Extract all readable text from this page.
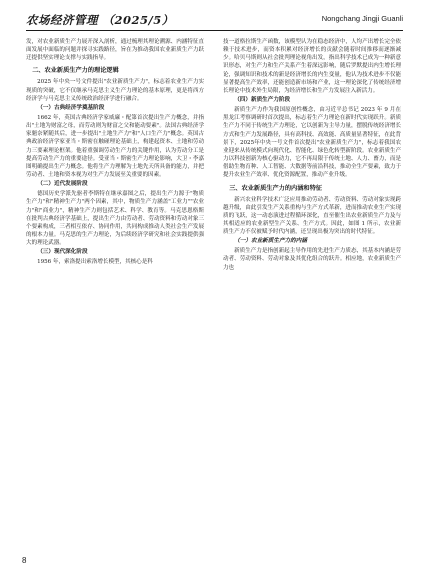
农场经济管理 （2025/5）	Nongchang Jingji Guanli

发，对农业新质生产力展开深入剖析，通过梳理其理论溯源、内涵特征直面发展中面临的问题并探寻实践路径，旨在为推动我国农业新质生产力跃迁提供坚实理论支撑与实践指导。

二、农业新质生产力的理论逻辑

2025 年中央一号文件提出"农业新质生产力"，标志着农业生产力实现质的突破，它不仅继承马克思主义生产力理论的基本原理，更是将西方经济学与马克思主义传统政治经济学进行融合。

（一）古典经济学奠基阶段

1662 年，英国古典经济学家威廉・配第首次提出生产力概念，并指出"土地为财富之母，而劳动则为财富之父和能动要素"。法国古典经济学家魁奈紧随其后，进一步提出"土地生产力"和"人口生产力"概念。英国古典政治经济学家亚当・斯密在触碰理论基础上，构建起资本、土地和劳动力三要素理论框架。他着重强调劳动生产力的关键作用，认为劳动分工是提高劳动生产力的重要途径。受亚当・斯密生产力理论影响，大卫・李嘉图明确提出生产力概念。他将生产力理解为土地先天所具备的能力，并把劳动者、土地和资本视为对生产力发展至关重要的因素。

（二）近代发展阶段

德国历史学派先驱者李斯特在继承嘉图之后，提出生产力源于"物质生产力"和"精神生产力"两个因素，其中，物质生产力涵盖"工业力""农业力"和"商业力"，精神生产力则包括艺术、科学、教育等。马克思恩格斯在批判古典经济学基础上，提出生产力由劳动者、劳动资料和劳动对象三个要素构成，三者相互依存、协同作用，共同构成推动人类社会生产发展的根本力量。马克思的生产力理论，为后续经济学研究和社会实践提供强大的理论武器。

（三）现代深化阶段

1956 年，索洛提出索洛增长模型，其核心是科

技一道格拉斯生产函数，该模型认为在稳态经济中，人均产出增长完全依赖于技术进步，而资本积累对经济增长的贡献会随着时间推移而逐渐减少。哈贝马斯则从社会批判理论视角出发，指出科学技术已成为一种新意识形态，对生产力和生产关系产生着深远影响，随后罗默提出内生增长理论，强调知识和技术的新是经济增长的内生变量，他认为技术进步不仅能显著提高生产效率，还能创造新市场和产业，这一理论深化了传统经济增长理论中技术外生局限，为经济增长和生产力发展注入新活力。

（四）新质生产力阶段

新质生产力作为我国原创性概念，由习近平总书记 2023 年 9 月在黑龙江考察调研时首次提出，标志着生产力理论在新时代实现跃升。新质生产力不同于传统生产力理论，它以创新为主导力量，摆脱传统经济增长方式和生产力发展路径，具有高科技、高效能、高质量显著特征，在此背景下，2025年中央一号文件首次提出"农业新质生产力"，标志着我国农业迎来从传统模式向现代化、智能化、绿色化转型新阶段。农业新质生产力以科技创新为核心驱动力，它不再局限于传统土地、人力、畜力，而是借助生物育种、人工智能、大数据等前沿科技，推动全生产要素，致力于提升农业生产效率、优化资源配置，推动产业升级。

三、农业新质生产力的内涵和特征

新兴农业科学技术广泛应用推动劳动者、劳动资料、劳动对象实现跨越升级，由此引发生产关系重构与生产方式革新，进而推动农业生产实现质的飞跃，这一动态演进过程循环深化，直至催生出农业新质生产力及与其相适应的农业新型生产关系、生产方式。因此，如图 1 所示，农业新质生产力不仅被赋予时代内涵，还呈现出极为突出的时代特征。

（一）农业新质生产力的内涵

新质生产力是指创新起主导作用的先进生产力质态，其基本内涵是劳动者、劳动资料、劳动对象及其优化组合的跃升。相应地，农业新质生产力也

8
